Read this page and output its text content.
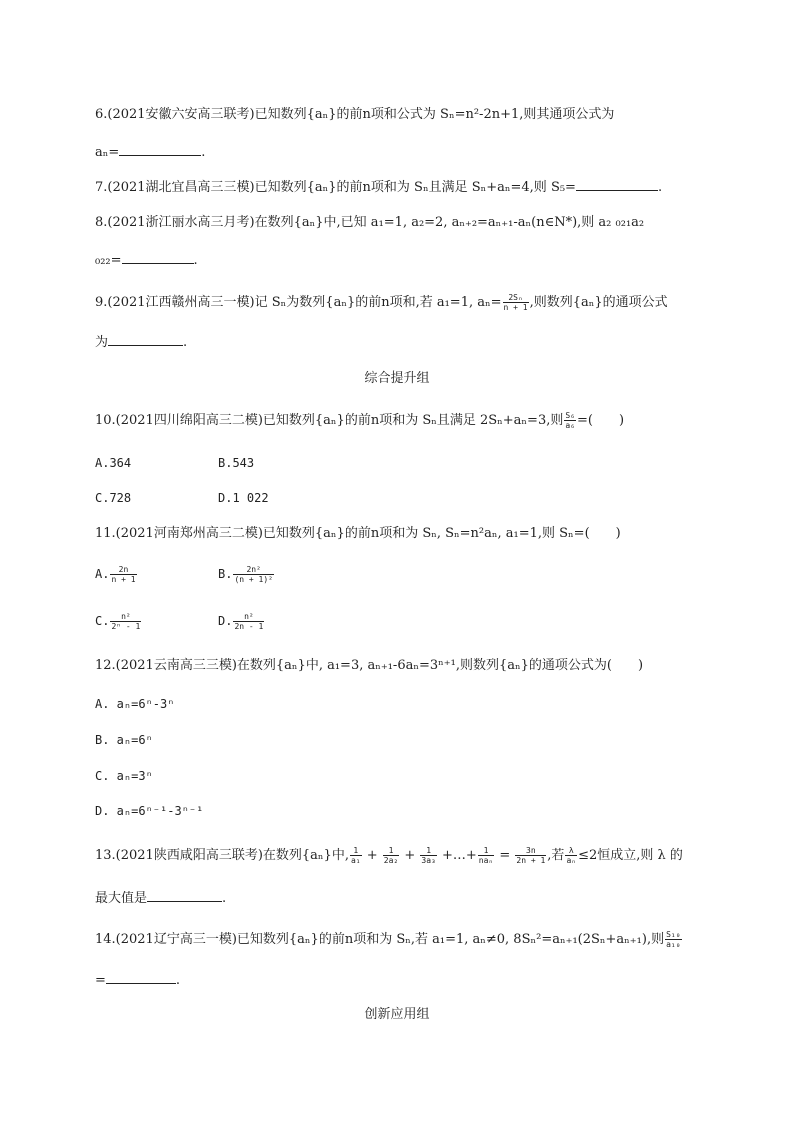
6.(2021安徽六安高三联考)已知数列{aₙ}的前n项和公式为 Sₙ=n²-2n+1,则其通项公式为
aₙ=	.
7.(2021湖北宜昌高三三模)已知数列{aₙ}的前n项和为 Sₙ且满足 Sₙ+aₙ=4,则 S₅=	.
8.(2021浙江丽水高三月考)在数列{aₙ}中,已知 a₁=1, a₂=2, aₙ₊₂=aₙ₊₁-aₙ(n∈N*),则 a₂ ₀₂₁a₂
₀₂₂=	.
9.(2021江西赣州高三一模)记 Sₙ为数列{aₙ}的前n项和,若 a₁=1, $a_n= \frac{\text{2Sₙ}}{n + 1}$ ,则数列{aₙ}的通项公式
为	.
综合提升组
10.(2021四川绵阳高三二模)已知数列{aₙ}的前n项和为 Sₙ且满足 2Sₙ+aₙ=3,则 $\frac{\text{S₆}}{\text{a₆}}$ =(　　)
A.364	B.543
C.728	D.1 022
11.(2021河南郑州高三二模)已知数列{aₙ}的前n项和为 Sₙ, Sₙ=n²aₙ, a₁=1,则 Sₙ=(　　)
A. $\frac{2n}{n + 1}$	B. $\frac{\text{2n²}}{\text{(n + 1)²}}$
C. $\frac{\text{n²}}{\text{2ⁿ - 1}}$	D. $\frac{\text{n²}}{2n - 1}$
12.(2021云南高三三模)在数列{aₙ}中, a₁=3, aₙ₊₁-6aₙ=3ⁿ⁺¹,则数列{aₙ}的通项公式为(　　)
A. aₙ=6ⁿ-3ⁿ
B. aₙ=6ⁿ
C. aₙ=3ⁿ
D. aₙ=6ⁿ⁻¹-3ⁿ⁻¹
13.(2021陕西咸阳高三联考)在数列{aₙ}中, $\frac{1}{\text{a₁}} + \frac{1}{\text{2a₂}} + \frac{1}{\text{3a₃}}$ +…+ $\frac{1}{\text{naₙ}} = \frac{3n}{2n + 1}$ ,若 $\frac{\lambda}{\text{aₙ}} \le 2$恒成立,则 λ 的
最大值是	.
14.(2021辽宁高三一模)已知数列{aₙ}的前n项和为 Sₙ,若 a₁=1, aₙ≠0, 8Sₙ²=aₙ₊₁(2Sₙ+aₙ₊₁),则 $\frac{\text{S₁₀}}{\text{a₁₀}}$
=	.
创新应用组
